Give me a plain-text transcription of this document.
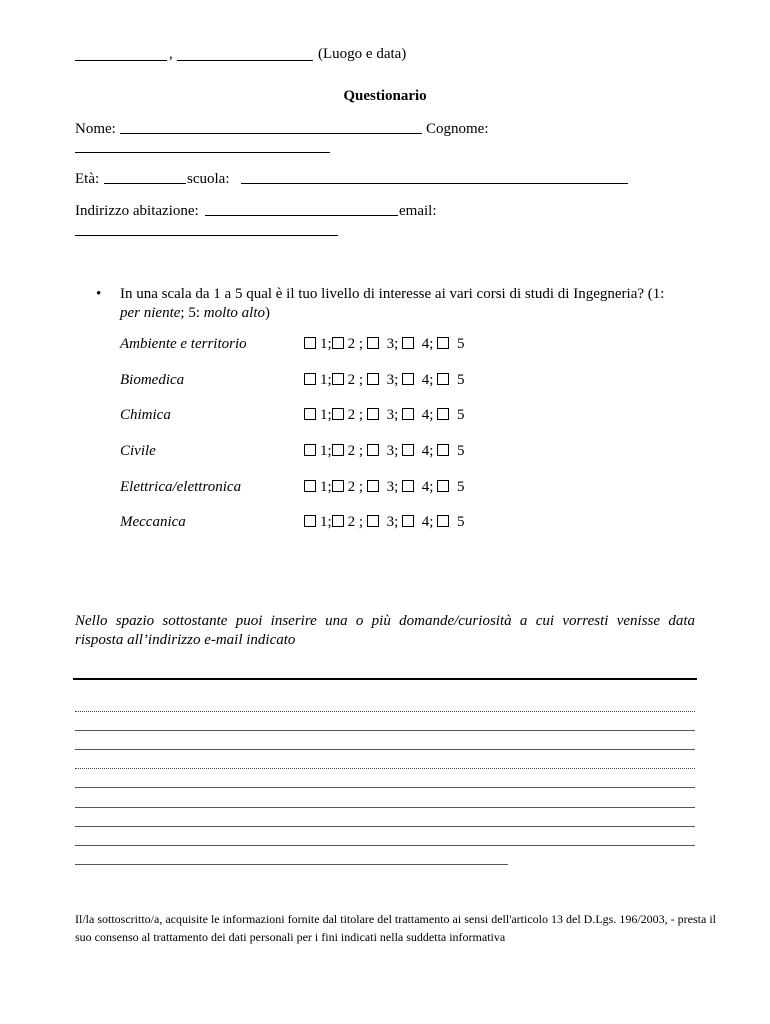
,	(Luogo e data)
Questionario
Nome:	Cognome:
Età:	scuola:
Indirizzo abitazione:	email:
• In una scala da 1 a 5 qual è il tuo livello di interesse ai vari corsi di studi di Ingegneria? (1:
per niente; 5: molto alto)
Ambiente e territorio	1; 2 ; 3; 4; 5
Biomedica	1; 2 ; 3; 4; 5
Chimica	1; 2 ; 3; 4; 5
Civile	1; 2 ; 3; 4; 5
Elettrica/elettronica	1; 2 ; 3; 4; 5
Meccanica	1; 2 ; 3; 4; 5
Nello spazio sottostante puoi inserire una o più domande/curiosità a cui vorresti venisse data
risposta all’indirizzo e-mail indicato
Il/la sottoscritto/a, acquisite le informazioni fornite dal titolare del trattamento ai sensi dell'articolo 13 del D.Lgs. 196/2003, - presta il
suo consenso al trattamento dei dati personali per i fini indicati nella suddetta informativa
